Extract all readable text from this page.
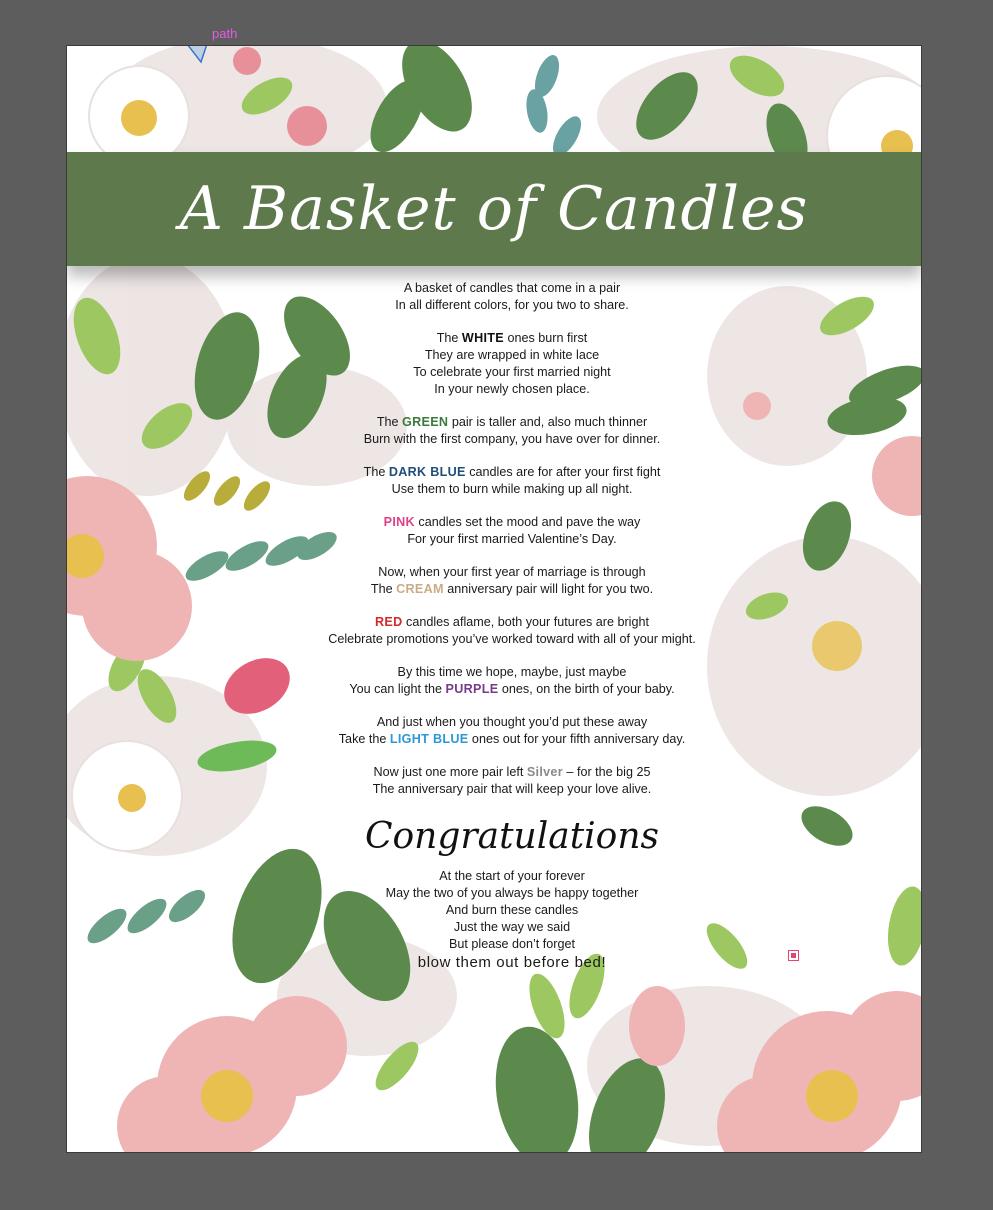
A Basket of Candles
A basket of candles that come in a pair
In all different colors, for you two to share.
The WHITE ones burn first
They are wrapped in white lace
To celebrate your first married night
In your newly chosen place.
The GREEN pair is taller and, also much thinner
Burn with the first company, you have over for dinner.
The DARK BLUE candles are for after your first fight
Use them to burn while making up all night.
PINK candles set the mood and pave the way
For your first married Valentine’s Day.
Now, when your first year of marriage is through
The CREAM anniversary pair will light for you two.
RED candles aflame, both your futures are bright
Celebrate promotions you’ve worked toward with all of your might.
By this time we hope, maybe, just maybe
You can light the PURPLE ones, on the birth of your baby.
And just when you thought you’d put these away
Take the LIGHT BLUE ones out for your fifth anniversary day.
Now just one more pair left Silver – for the big 25
The anniversary pair that will keep your love alive.
Congratulations
At the start of your forever
May the two of you always be happy together
And burn these candles
Just the way we said
But please don’t forget
blow them out before bed!
path
